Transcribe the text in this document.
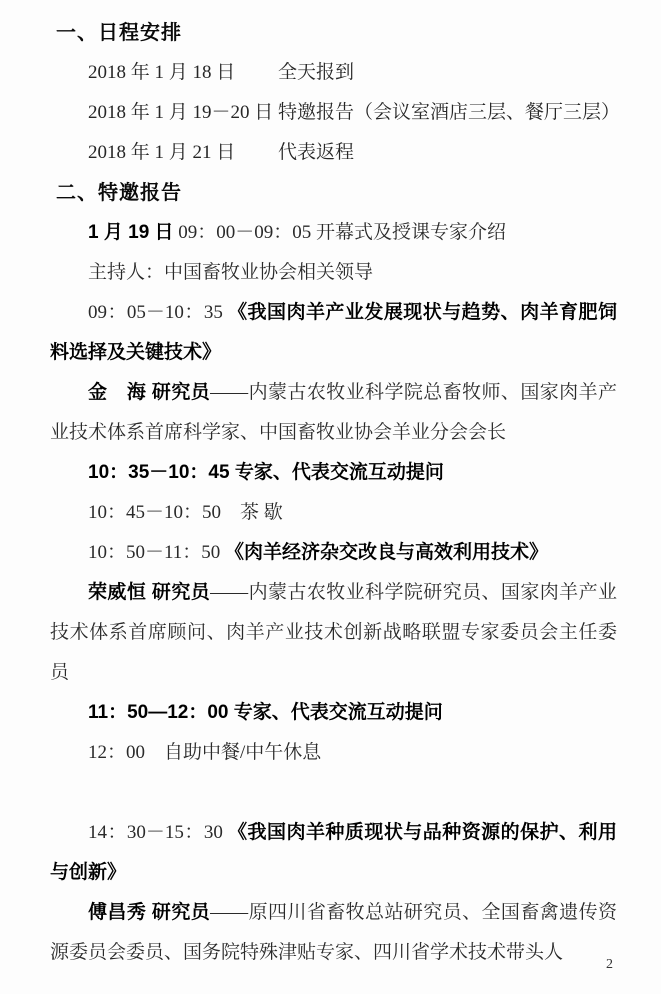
一、日程安排
2018 年 1 月 18 日	全天报到
2018 年 1 月 19－20 日 特邀报告（会议室酒店三层、餐厅三层）
2018 年 1 月 21 日	代表返程
二、特邀报告

1 月 19 日 09：00－09：05 开幕式及授课专家介绍

主持人：中国畜牧业协会相关领导

09：05－10：35 《我国肉羊产业发展现状与趋势、肉羊育肥饲料选择及关键技术》

金　海 研究员——内蒙古农牧业科学院总畜牧师、国家肉羊产业技术体系首席科学家、中国畜牧业协会羊业分会会长

10：35－10：45 专家、代表交流互动提问

10：45－10：50　茶 歇

10：50－11：50 《肉羊经济杂交改良与高效利用技术》

荣威恒 研究员——内蒙古农牧业科学院研究员、国家肉羊产业技术体系首席顾问、肉羊产业技术创新战略联盟专家委员会主任委员

11：50—12：00 专家、代表交流互动提问

12：00　自助中餐/中午休息

14：30－15：30 《我国肉羊种质现状与品种资源的保护、利用与创新》

傅昌秀 研究员——原四川省畜牧总站研究员、全国畜禽遗传资源委员会委员、国务院特殊津贴专家、四川省学术技术带头人

2
